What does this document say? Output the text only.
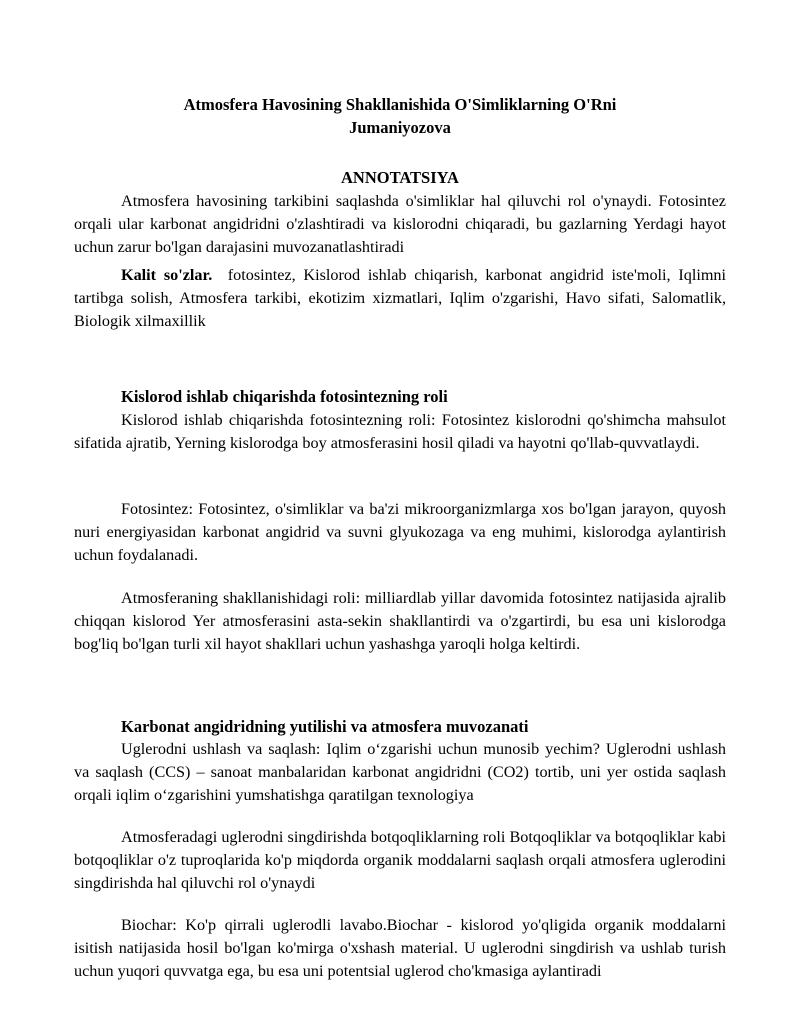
Atmosfera Havosining Shakllanishida O'Simliklarning O'Rni
Jumaniyozova
ANNOTATSIYA

Atmosfera havosining tarkibini saqlashda o'simliklar hal qiluvchi rol o'ynaydi. Fotosintez orqali ular karbonat angidridni o'zlashtiradi va kislorodni chiqaradi, bu gazlarning Yerdagi hayot uchun zarur bo'lgan darajasini muvozanatlashtiradi

Kalit so'zlar. fotosintez, Kislorod ishlab chiqarish, karbonat angidrid iste'moli, Iqlimni tartibga solish, Atmosfera tarkibi, ekotizim xizmatlari, Iqlim o'zgarishi, Havo sifati, Salomatlik, Biologik xilmaxillik

Kislorod ishlab chiqarishda fotosintezning roli

Kislorod ishlab chiqarishda fotosintezning roli: Fotosintez kislorodni qo'shimcha mahsulot sifatida ajratib, Yerning kislorodga boy atmosferasini hosil qiladi va hayotni qo'llab-quvvatlaydi.

Fotosintez: Fotosintez, o'simliklar va ba'zi mikroorganizmlarga xos bo'lgan jarayon, quyosh nuri energiyasidan karbonat angidrid va suvni glyukozaga va eng muhimi, kislorodga aylantirish uchun foydalanadi.

Atmosferaning shakllanishidagi roli: milliardlab yillar davomida fotosintez natijasida ajralib chiqqan kislorod Yer atmosferasini asta-sekin shakllantirdi va o'zgartirdi, bu esa uni kislorodga bog'liq bo'lgan turli xil hayot shakllari uchun yashashga yaroqli holga keltirdi.

Karbonat angidridning yutilishi va atmosfera muvozanati

Uglerodni ushlash va saqlash: Iqlim oʻzgarishi uchun munosib yechim? Uglerodni ushlash va saqlash (CCS) – sanoat manbalaridan karbonat angidridni (CO2) tortib, uni yer ostida saqlash orqali iqlim oʻzgarishini yumshatishga qaratilgan texnologiya

Atmosferadagi uglerodni singdirishda botqoqliklarning roli Botqoqliklar va botqoqliklar kabi botqoqliklar o'z tuproqlarida ko'p miqdorda organik moddalarni saqlash orqali atmosfera uglerodini singdirishda hal qiluvchi rol o'ynaydi

Biochar: Ko'p qirrali uglerodli lavabo.Biochar - kislorod yo'qligida organik moddalarni isitish natijasida hosil bo'lgan ko'mirga o'xshash material. U uglerodni singdirish va ushlab turish uchun yuqori quvvatga ega, bu esa uni potentsial uglerod cho'kmasiga aylantiradi
